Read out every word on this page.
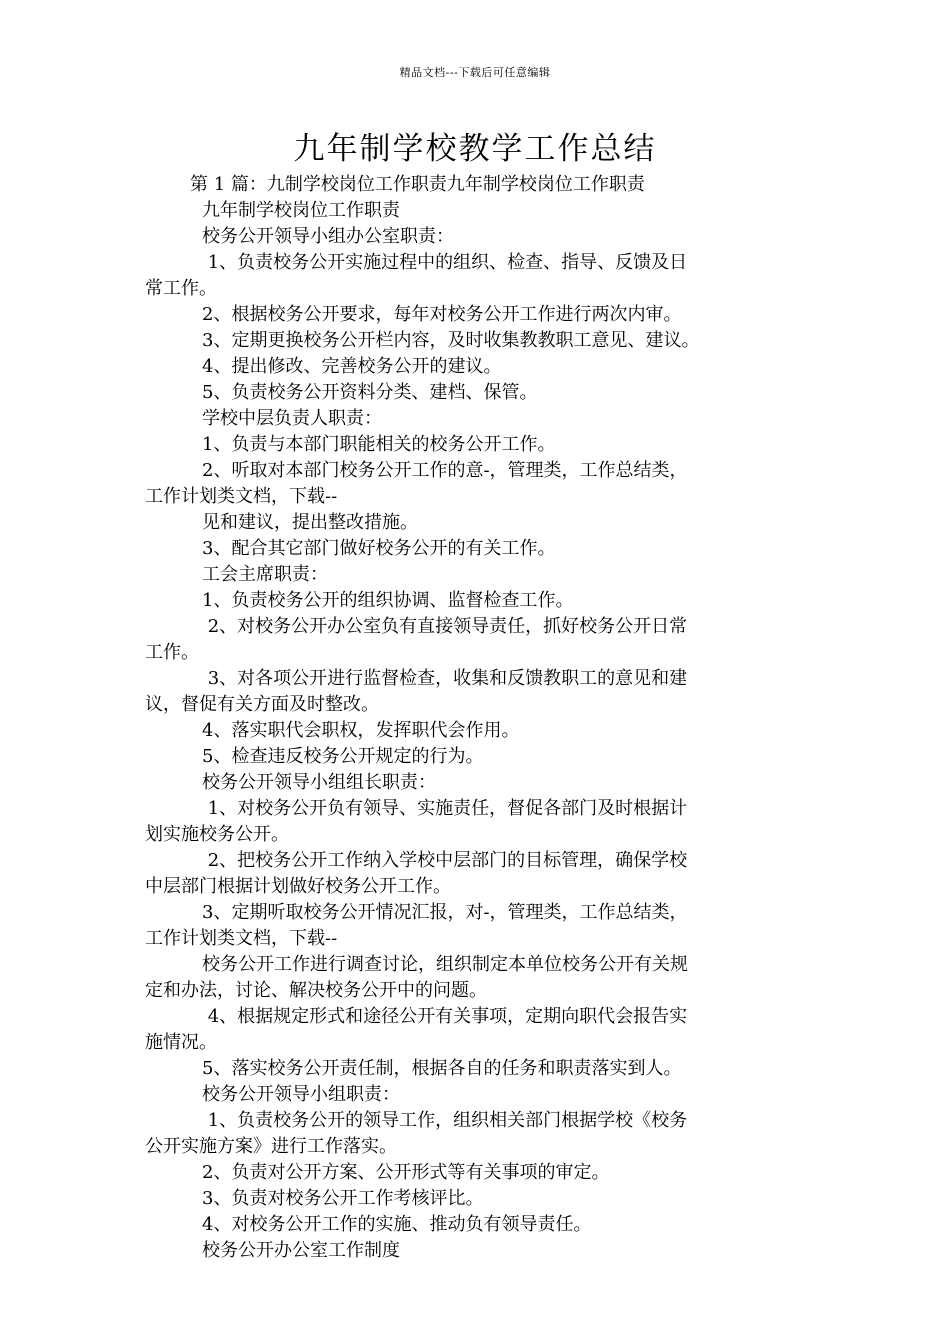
精品文档---下载后可任意编辑
九年制学校教学工作总结
第 1 篇：九制学校岗位工作职责九年制学校岗位工作职责
九年制学校岗位工作职责
校务公开领导小组办公室职责：
1、负责校务公开实施过程中的组织、检查、指导、反馈及日
常工作。
2、根据校务公开要求，每年对校务公开工作进行两次内审。
3、定期更换校务公开栏内容，及时收集教教职工意见、建议。
4、提出修改、完善校务公开的建议。
5、负责校务公开资料分类、建档、保管。
学校中层负责人职责：
1、负责与本部门职能相关的校务公开工作。
2、听取对本部门校务公开工作的意-，管理类，工作总结类，
工作计划类文档，下载--
见和建议，提出整改措施。
3、配合其它部门做好校务公开的有关工作。
工会主席职责：
1、负责校务公开的组织协调、监督检查工作。
2、对校务公开办公室负有直接领导责任，抓好校务公开日常
工作。
3、对各项公开进行监督检查，收集和反馈教职工的意见和建
议，督促有关方面及时整改。
4、落实职代会职权，发挥职代会作用。
5、检查违反校务公开规定的行为。
校务公开领导小组组长职责：
1、对校务公开负有领导、实施责任，督促各部门及时根据计
划实施校务公开。
2、把校务公开工作纳入学校中层部门的目标管理，确保学校
中层部门根据计划做好校务公开工作。
3、定期听取校务公开情况汇报，对-，管理类，工作总结类，
工作计划类文档，下载--
校务公开工作进行调查讨论，组织制定本单位校务公开有关规
定和办法，讨论、解决校务公开中的问题。
4、根据规定形式和途径公开有关事项，定期向职代会报告实
施情况。
5、落实校务公开责任制，根据各自的任务和职责落实到人。
校务公开领导小组职责：
1、负责校务公开的领导工作，组织相关部门根据学校《校务
公开实施方案》进行工作落实。
2、负责对公开方案、公开形式等有关事项的审定。
3、负责对校务公开工作考核评比。
4、对校务公开工作的实施、推动负有领导责任。
校务公开办公室工作制度
